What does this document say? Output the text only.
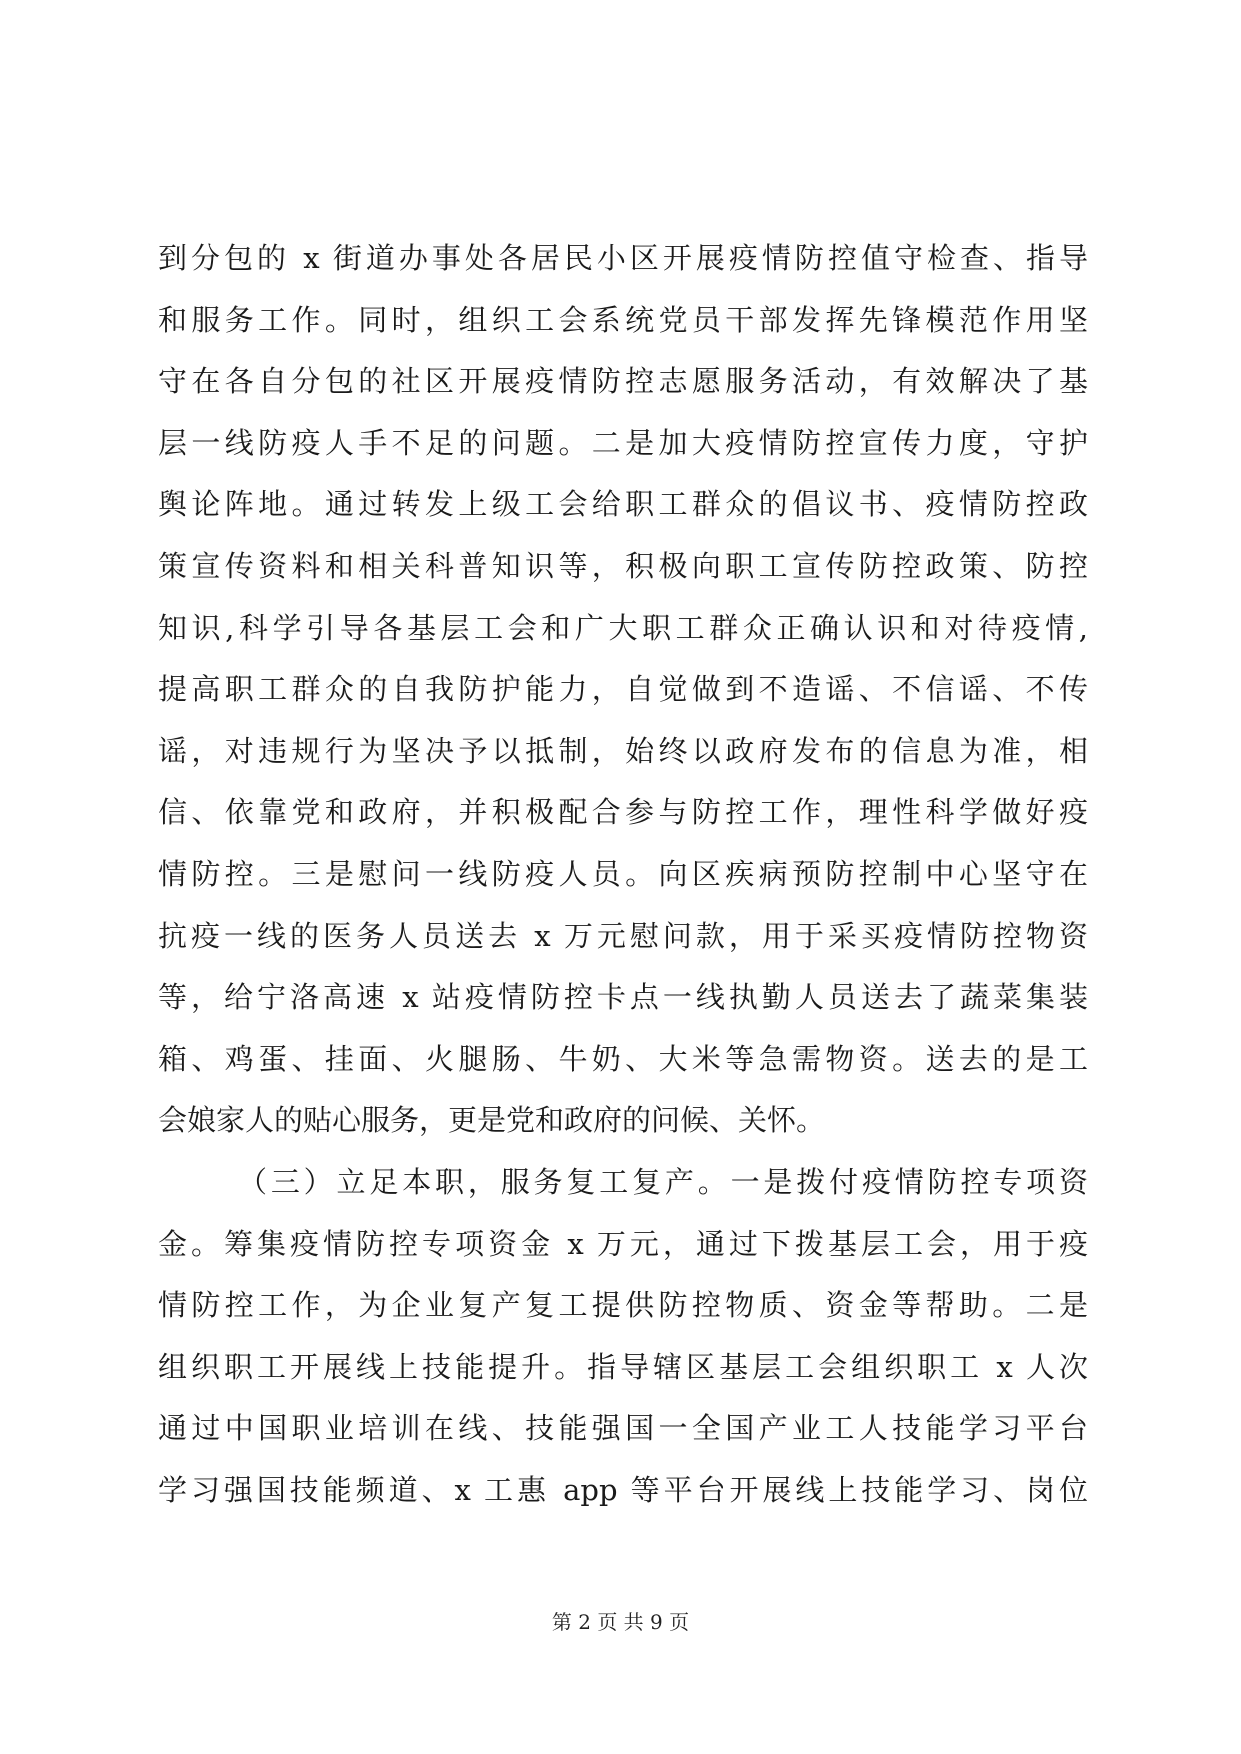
到分包的 x 街道办事处各居民小区开展疫情防控值守检查、指导
和服务工作。同时，组织工会系统党员干部发挥先锋模范作用坚
守在各自分包的社区开展疫情防控志愿服务活动，有效解决了基
层一线防疫人手不足的问题。二是加大疫情防控宣传力度，守护
舆论阵地。通过转发上级工会给职工群众的倡议书、疫情防控政
策宣传资料和相关科普知识等，积极向职工宣传防控政策、防控
知识,科学引导各基层工会和广大职工群众正确认识和对待疫情,
提高职工群众的自我防护能力，自觉做到不造谣、不信谣、不传
谣，对违规行为坚决予以抵制，始终以政府发布的信息为准，相
信、依靠党和政府，并积极配合参与防控工作，理性科学做好疫
情防控。三是慰问一线防疫人员。向区疾病预防控制中心坚守在
抗疫一线的医务人员送去 x 万元慰问款，用于采买疫情防控物资
等，给宁洛高速 x 站疫情防控卡点一线执勤人员送去了蔬菜集装
箱、鸡蛋、挂面、火腿肠、牛奶、大米等急需物资。送去的是工
会娘家人的贴心服务，更是党和政府的问候、关怀。
（三）立足本职，服务复工复产。一是拨付疫情防控专项资
金。筹集疫情防控专项资金 x 万元，通过下拨基层工会，用于疫
情防控工作，为企业复产复工提供防控物质、资金等帮助。二是
组织职工开展线上技能提升。指导辖区基层工会组织职工 x 人次
通过中国职业培训在线、技能强国一全国产业工人技能学习平台
学习强国技能频道、x 工惠 app 等平台开展线上技能学习、岗位
第 2 页 共 9 页
